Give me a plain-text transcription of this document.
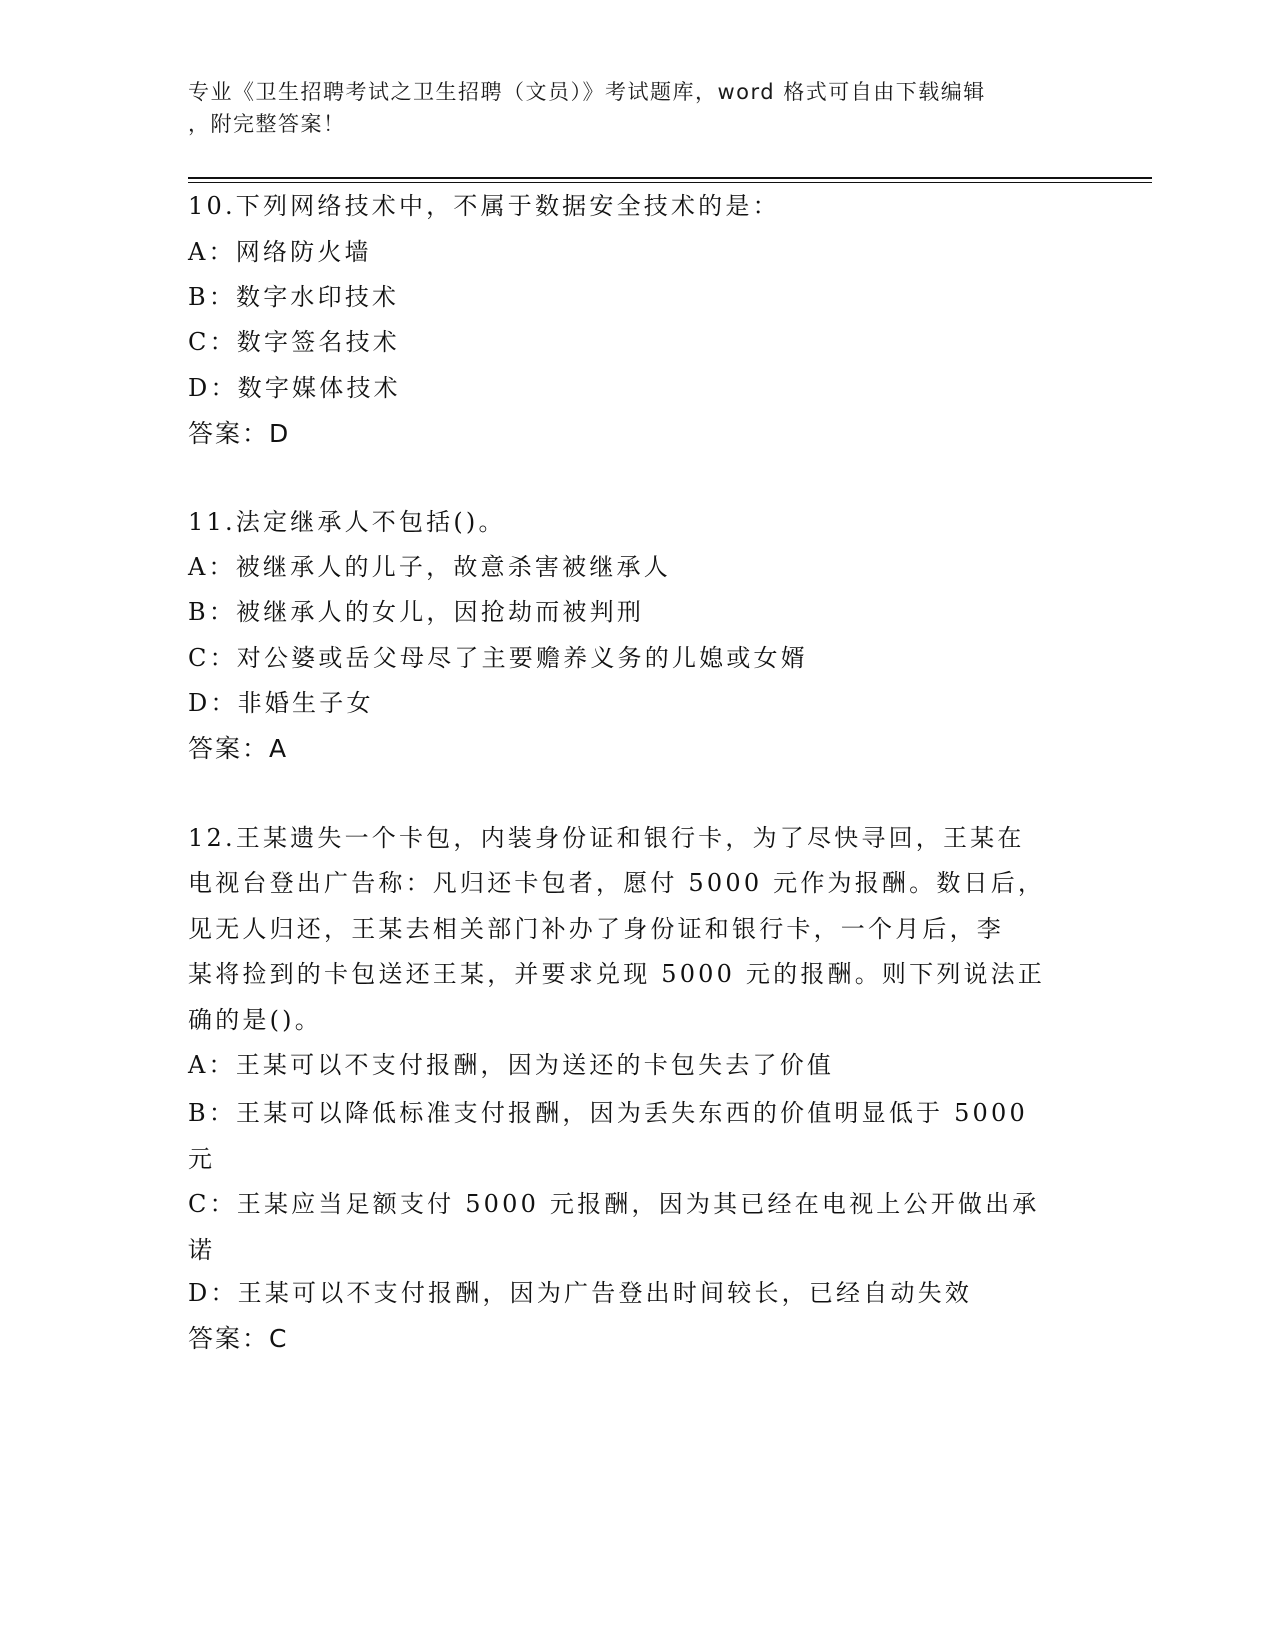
专业《卫生招聘考试之卫生招聘（文员）》考试题库，word 格式可自由下载编辑
，附完整答案！
10.下列网络技术中，不属于数据安全技术的是：
A：网络防火墙
B：数字水印技术
C：数字签名技术
D：数字媒体技术
答案：D
11.法定继承人不包括()。
A：被继承人的儿子，故意杀害被继承人
B：被继承人的女儿，因抢劫而被判刑
C：对公婆或岳父母尽了主要赡养义务的儿媳或女婿
D：非婚生子女
答案：A
12.王某遗失一个卡包，内装身份证和银行卡，为了尽快寻回，王某在
电视台登出广告称：凡归还卡包者，愿付 5000 元作为报酬。数日后，
见无人归还，王某去相关部门补办了身份证和银行卡，一个月后，李
某将捡到的卡包送还王某，并要求兑现 5000 元的报酬。则下列说法正
确的是()。
A：王某可以不支付报酬，因为送还的卡包失去了价值
B：王某可以降低标准支付报酬，因为丢失东西的价值明显低于 5000 元
C：王某应当足额支付 5000 元报酬，因为其已经在电视上公开做出承诺
D：王某可以不支付报酬，因为广告登出时间较长，已经自动失效
答案：C
